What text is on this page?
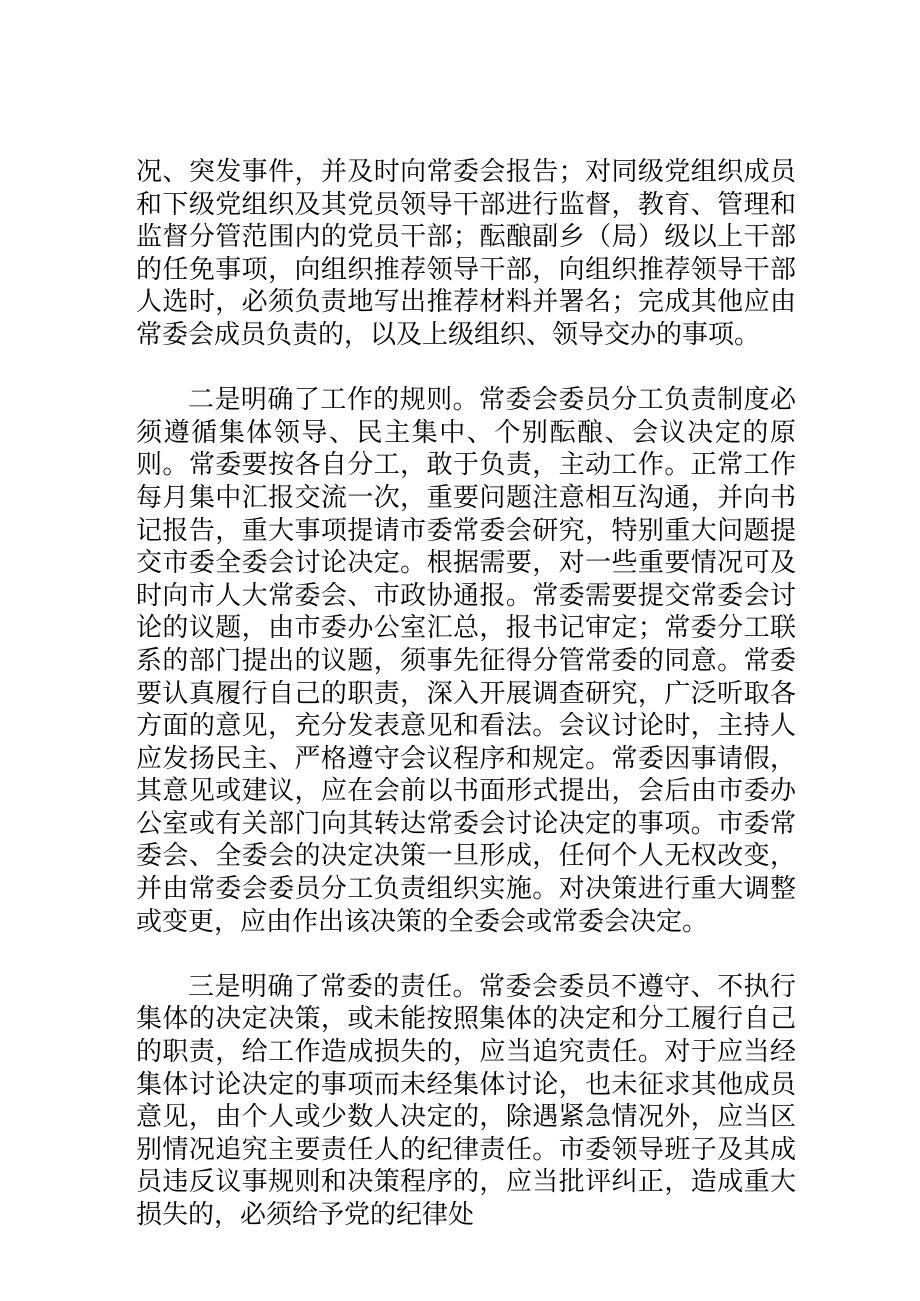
况、突发事件，并及时向常委会报告；对同级党组织成员和下级党组织及其党员领导干部进行监督，教育、管理和监督分管范围内的党员干部；酝酿副乡（局）级以上干部的任免事项，向组织推荐领导干部，向组织推荐领导干部人选时，必须负责地写出推荐材料并署名；完成其他应由常委会成员负责的，以及上级组织、领导交办的事项。

二是明确了工作的规则。常委会委员分工负责制度必须遵循集体领导、民主集中、个别酝酿、会议决定的原则。常委要按各自分工，敢于负责，主动工作。正常工作每月集中汇报交流一次，重要问题注意相互沟通，并向书记报告，重大事项提请市委常委会研究，特别重大问题提交市委全委会讨论决定。根据需要，对一些重要情况可及时向市人大常委会、市政协通报。常委需要提交常委会讨论的议题，由市委办公室汇总，报书记审定；常委分工联系的部门提出的议题，须事先征得分管常委的同意。常委要认真履行自己的职责，深入开展调查研究，广泛听取各方面的意见，充分发表意见和看法。会议讨论时，主持人应发扬民主、严格遵守会议程序和规定。常委因事请假，其意见或建议，应在会前以书面形式提出，会后由市委办公室或有关部门向其转达常委会讨论决定的事项。市委常委会、全委会的决定决策一旦形成，任何个人无权改变，并由常委会委员分工负责组织实施。对决策进行重大调整或变更，应由作出该决策的全委会或常委会决定。

三是明确了常委的责任。常委会委员不遵守、不执行集体的决定决策，或未能按照集体的决定和分工履行自己的职责，给工作造成损失的，应当追究责任。对于应当经集体讨论决定的事项而未经集体讨论，也未征求其他成员意见，由个人或少数人决定的，除遇紧急情况外，应当区别情况追究主要责任人的纪律责任。市委领导班子及其成员违反议事规则和决策程序的，应当批评纠正，造成重大损失的，必须给予党的纪律处
